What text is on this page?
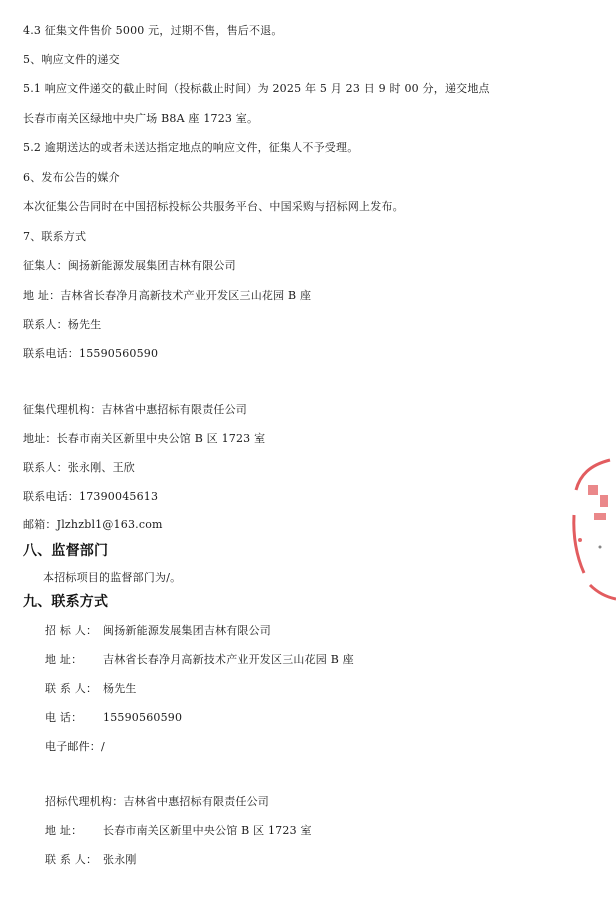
4.3 征集文件售价 5000 元，过期不售，售后不退。
5、响应文件的递交
5.1 响应文件递交的截止时间（投标截止时间）为 2025 年 5 月 23 日 9 时 00 分，递交地点
长春市南关区绿地中央广场 B8A 座 1723 室。
5.2 逾期送达的或者未送达指定地点的响应文件，征集人不予受理。
6、发布公告的媒介
本次征集公告同时在中国招标投标公共服务平台、中国采购与招标网上发布。
7、联系方式
征集人：闽扬新能源发展集团吉林有限公司
地 址：吉林省长春净月高新技术产业开发区三山花园 B 座
联系人：杨先生
联系电话：15590560590
征集代理机构：吉林省中惠招标有限责任公司
地址：长春市南关区新里中央公馆 B 区 1723 室
联系人：张永刚、王欣
联系电话：17390045613
邮箱：Jlzhzbl1@163.com
八、监督部门
本招标项目的监督部门为/。
九、联系方式
招 标 人： 闽扬新能源发展集团吉林有限公司
地 址： 吉林省长春净月高新技术产业开发区三山花园 B 座
联 系 人： 杨先生
电 话： 15590560590
电子邮件：/
招标代理机构：吉林省中惠招标有限责任公司
地 址： 长春市南关区新里中央公馆 B 区 1723 室
联 系 人： 张永刚
